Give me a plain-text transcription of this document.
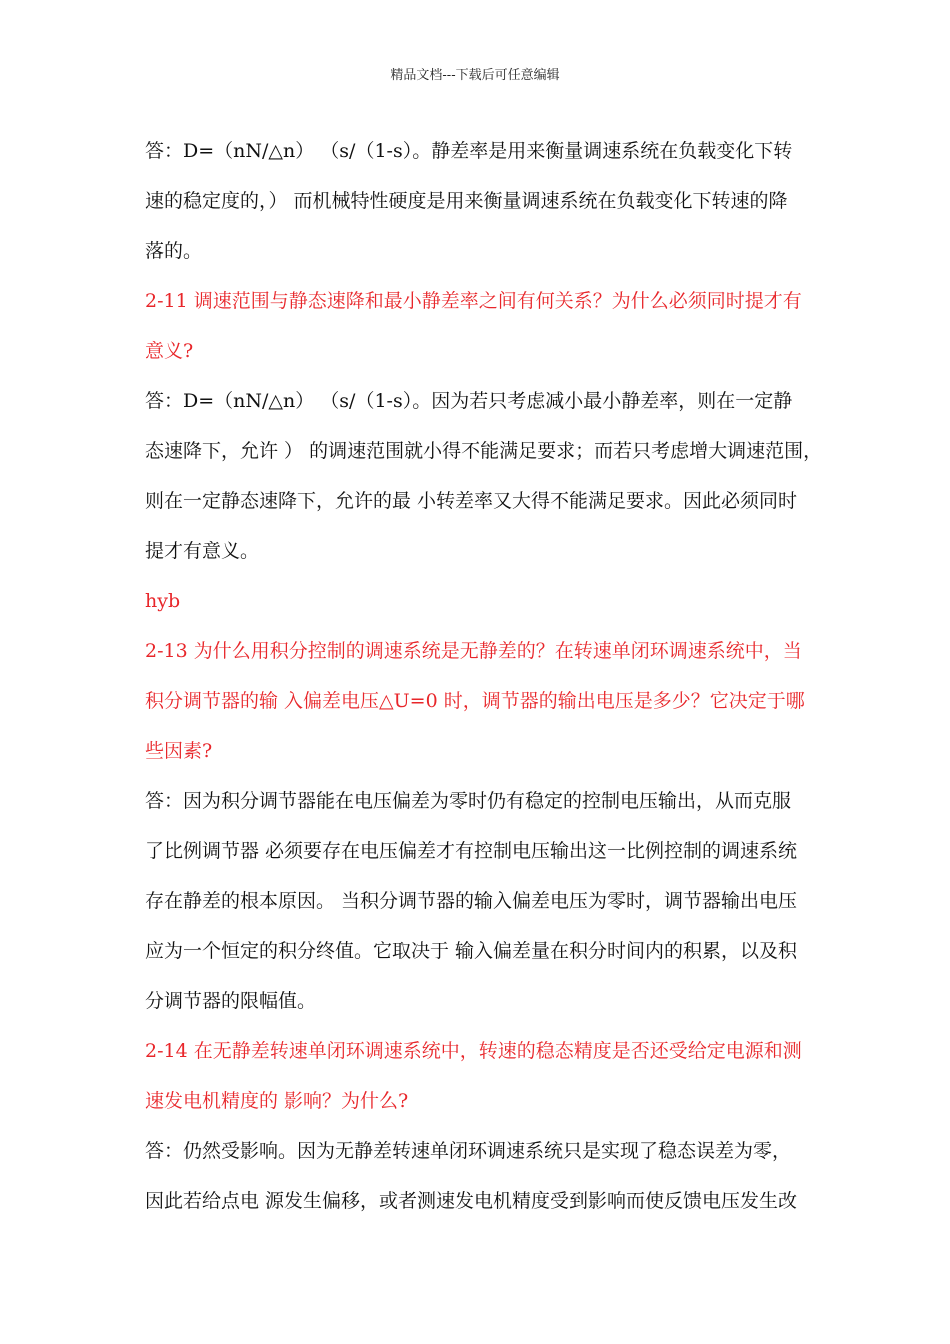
精品文档---下载后可任意编辑
答：D=（nN/△n） （s/（1-s）。静差率是用来衡量调速系统在负载变化下转
速的稳定度的，） 而机械特性硬度是用来衡量调速系统在负载变化下转速的降
落的。
2-11 调速范围与静态速降和最小静差率之间有何关系？为什么必须同时提才有
意义?
答：D=（nN/△n） （s/（1-s）。因为若只考虑减小最小静差率，则在一定静
态速降下，允许 ） 的调速范围就小得不能满足要求；而若只考虑增大调速范围，
则在一定静态速降下，允许的最 小转差率又大得不能满足要求。因此必须同时
提才有意义。
hyb
2-13 为什么用积分控制的调速系统是无静差的？在转速单闭环调速系统中，当
积分调节器的输 入偏差电压△U=0 时，调节器的输出电压是多少？它决定于哪
些因素?
答：因为积分调节器能在电压偏差为零时仍有稳定的控制电压输出，从而克服
了比例调节器 必须要存在电压偏差才有控制电压输出这一比例控制的调速系统
存在静差的根本原因。 当积分调节器的输入偏差电压为零时，调节器输出电压
应为一个恒定的积分终值。它取决于 输入偏差量在积分时间内的积累，以及积
分调节器的限幅值。
2-14 在无静差转速单闭环调速系统中，转速的稳态精度是否还受给定电源和测
速发电机精度的 影响？为什么?
答：仍然受影响。因为无静差转速单闭环调速系统只是实现了稳态误差为零，
因此若给点电 源发生偏移，或者测速发电机精度受到影响而使反馈电压发生改
